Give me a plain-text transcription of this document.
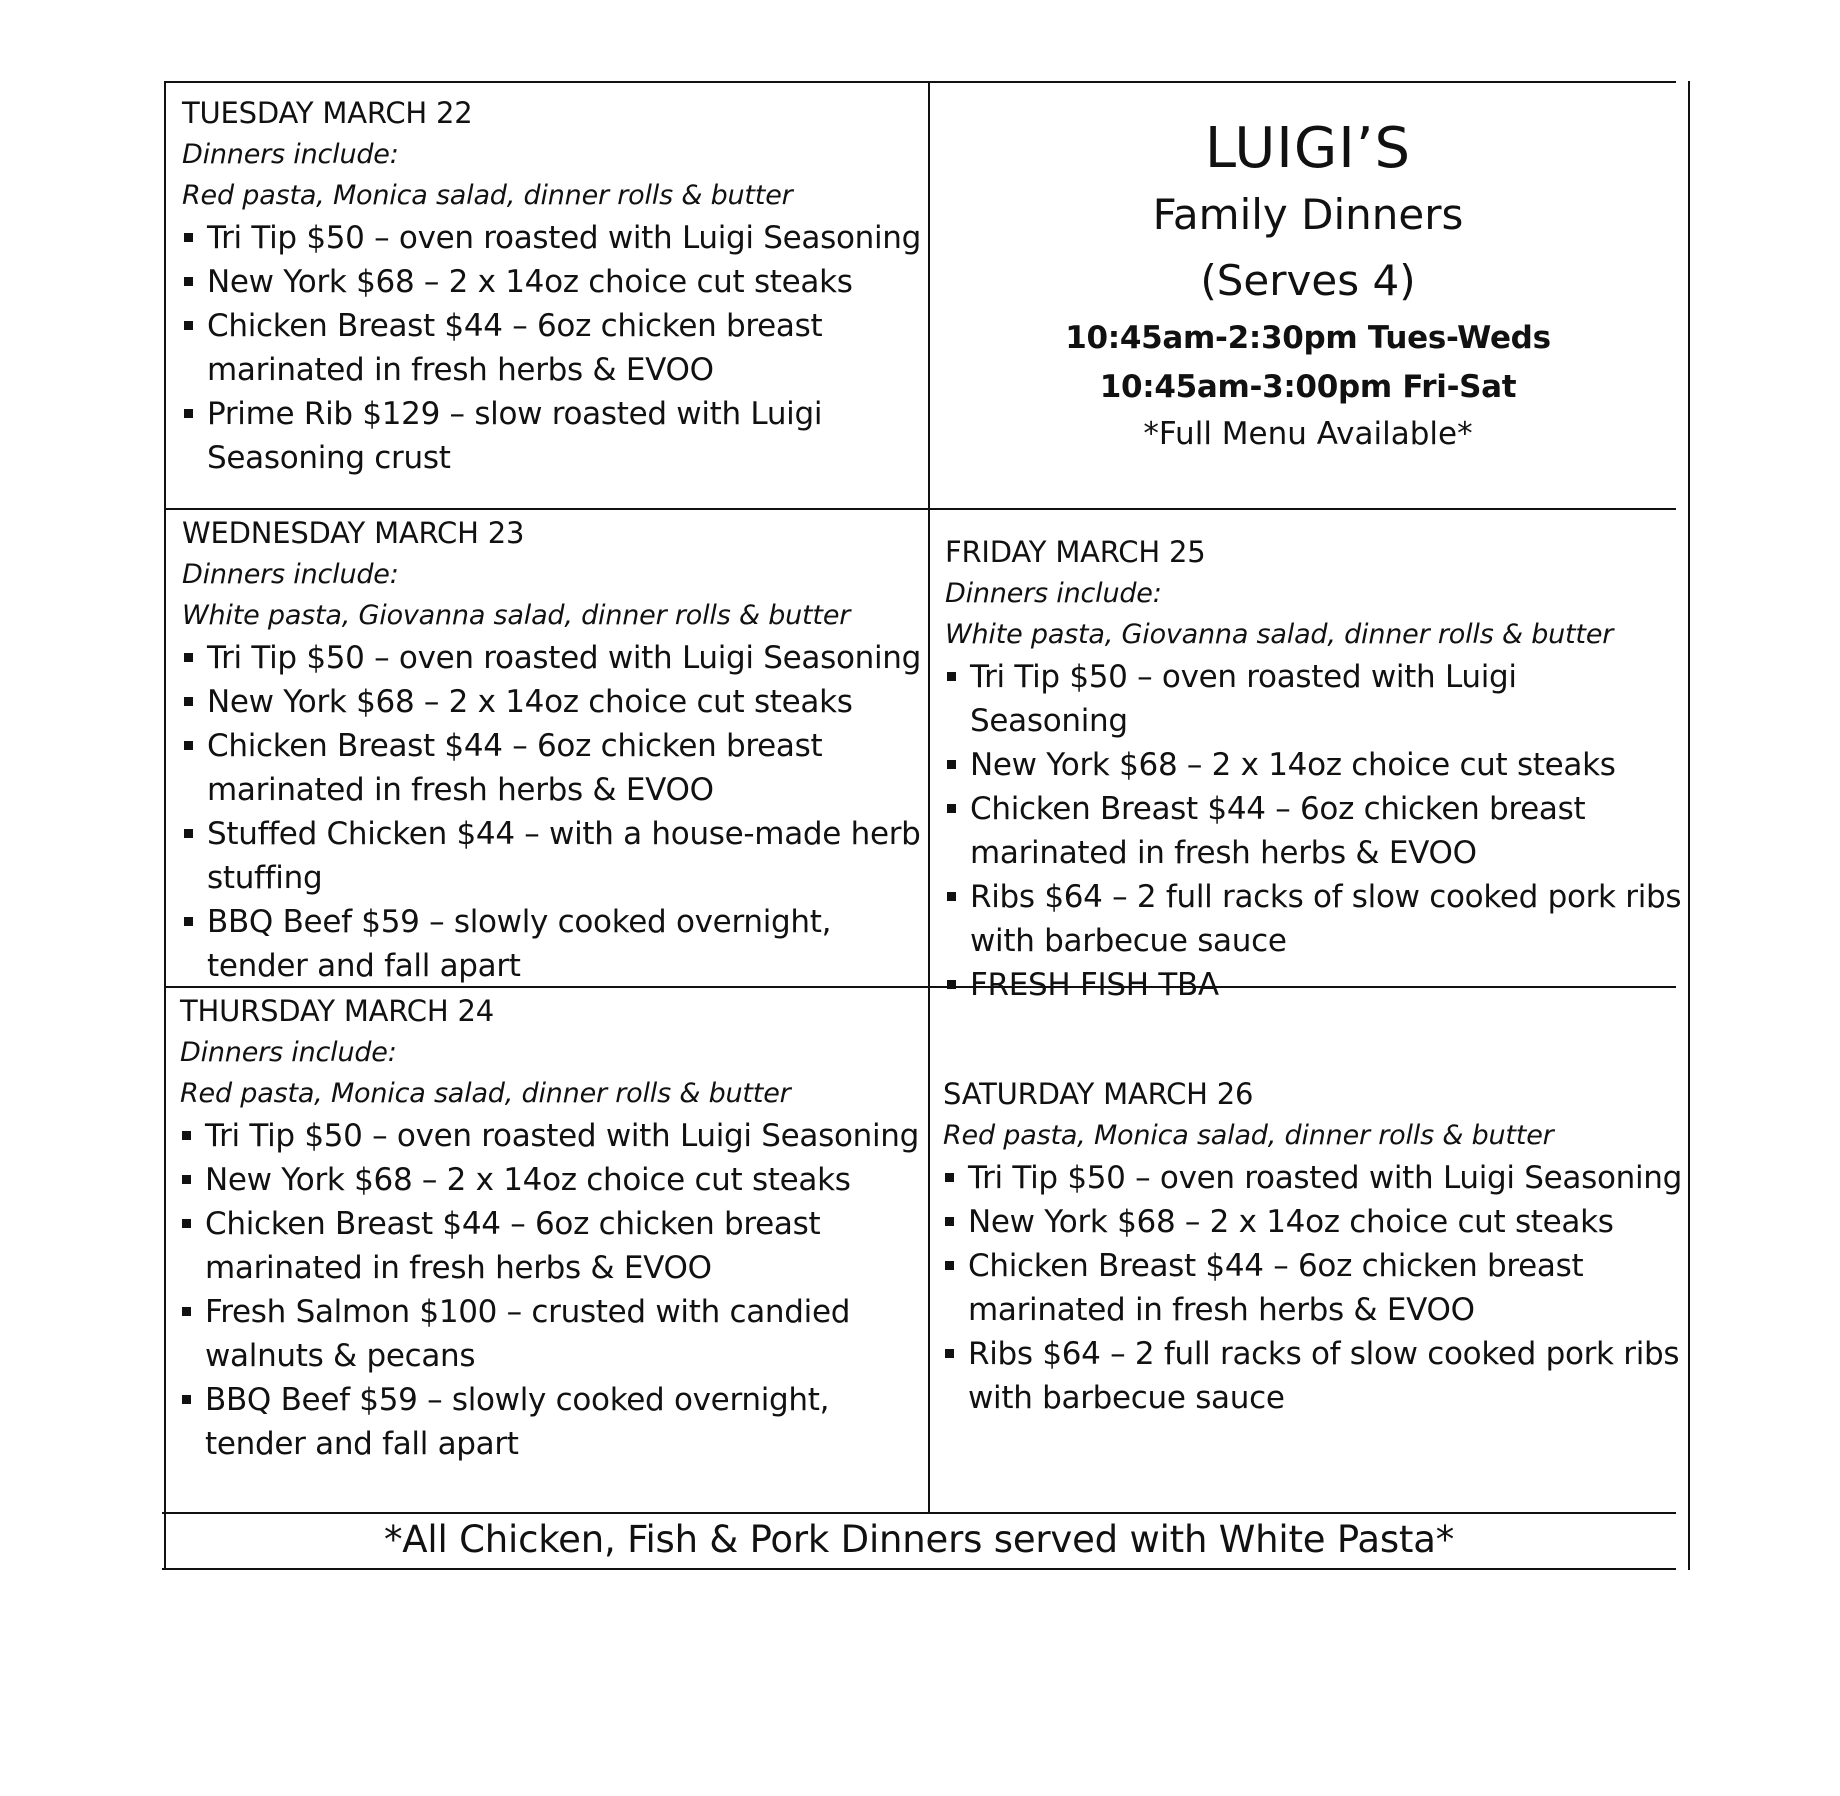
TUESDAY MARCH 22

Dinners include:

Red pasta, Monica salad, dinner rolls & butter

Tri Tip $50 – oven roasted with Luigi Seasoning
New York $68 – 2 x 14oz choice cut steaks
Chicken Breast $44 – 6oz chicken breast marinated in fresh herbs & EVOO
Prime Rib $129 – slow roasted with Luigi Seasoning crust

LUIGI’S

Family Dinners

(Serves 4)

10:45am-2:30pm Tues-Weds

10:45am-3:00pm Fri-Sat

*Full Menu Available*

WEDNESDAY MARCH 23

Dinners include:

White pasta, Giovanna salad, dinner rolls & butter

Tri Tip $50 – oven roasted with Luigi Seasoning
New York $68 – 2 x 14oz choice cut steaks
Chicken Breast $44 – 6oz chicken breast marinated in fresh herbs & EVOO
Stuffed Chicken $44 – with a house-made herb stuffing
BBQ Beef $59 – slowly cooked overnight, tender and fall apart

FRIDAY MARCH 25

Dinners include:

White pasta, Giovanna salad, dinner rolls & butter

Tri Tip $50 – oven roasted with Luigi Seasoning
New York $68 – 2 x 14oz choice cut steaks
Chicken Breast $44 – 6oz chicken breast marinated in fresh herbs & EVOO
Ribs $64 – 2 full racks of slow cooked pork ribs with barbecue sauce
FRESH FISH TBA

THURSDAY MARCH 24

Dinners include:

Red pasta, Monica salad, dinner rolls & butter

Tri Tip $50 – oven roasted with Luigi Seasoning
New York $68 – 2 x 14oz choice cut steaks
Chicken Breast $44 – 6oz chicken breast marinated in fresh herbs & EVOO
Fresh Salmon $100 – crusted with candied walnuts & pecans
BBQ Beef $59 – slowly cooked overnight, tender and fall apart

SATURDAY MARCH 26

Red pasta, Monica salad, dinner rolls & butter

Tri Tip $50 – oven roasted with Luigi Seasoning
New York $68 – 2 x 14oz choice cut steaks
Chicken Breast $44 – 6oz chicken breast marinated in fresh herbs & EVOO
Ribs $64 – 2 full racks of slow cooked pork ribs with barbecue sauce
*All Chicken, Fish & Pork Dinners served with White Pasta*
